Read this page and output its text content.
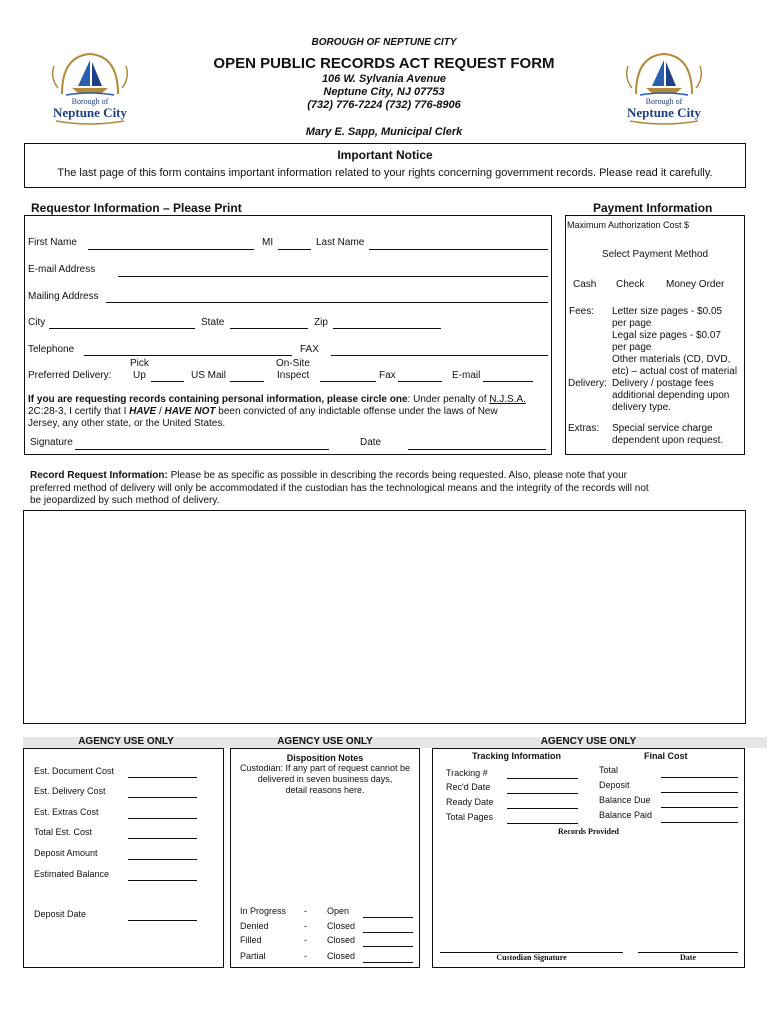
BOROUGH OF NEPTUNE CITY
OPEN PUBLIC RECORDS ACT REQUEST FORM
106 W. Sylvania Avenue
Neptune City, NJ 07753
(732) 776-7224 (732) 776-8906
Mary E. Sapp, Municipal Clerk
Borough of
Neptune City
Borough of
Neptune City
Important Notice
The last page of this form contains important information related to your rights concerning government records. Please read it carefully.
Requestor Information – Please Print
First Name	MI	Last Name
E-mail Address
Mailing Address
City	State	Zip
Telephone	FAX
Preferred Delivery:
Pick
Up	US Mail
On-Site
Inspect	Fax	E-mail
If you are requesting records containing personal information, please circle one: Under penalty of N.J.S.A.
2C:28-3, I certify that I HAVE / HAVE NOT been convicted of any indictable offense under the laws of New
Jersey, any other state, or the United States.
Signature	Date
Payment Information
Maximum Authorization Cost $
Select Payment Method
Cash Check Money Order
Fees: Letter size pages - $0.05
per page
Legal size pages - $0.07
per page
Other materials (CD, DVD,
etc) – actual cost of material
Delivery: Delivery / postage fees
additional depending upon
delivery type.
Extras: Special service charge
dependent upon request.
Record Request Information: Please be as specific as possible in describing the records being requested. Also, please note that your
preferred method of delivery will only be accommodated if the custodian has the technological means and the integrity of the records will not
be jeopardized by such method of delivery.
AGENCY USE ONLY	AGENCY USE ONLY	AGENCY USE ONLY
Est. Document Cost
Est. Delivery Cost
Est. Extras Cost
Total Est. Cost
Deposit Amount
Estimated Balance
Deposit Date
Disposition Notes
Custodian: If any part of request cannot be
delivered in seven business days,
detail reasons here.
In Progress - Open
Denied	- Closed
Filled	- Closed
Partial	- Closed
Tracking Information	Final Cost
Tracking #
Rec'd Date
Ready Date
Total Pages
Total
Deposit
Balance Due
Balance Paid
Records Provided
Custodian Signature	Date
